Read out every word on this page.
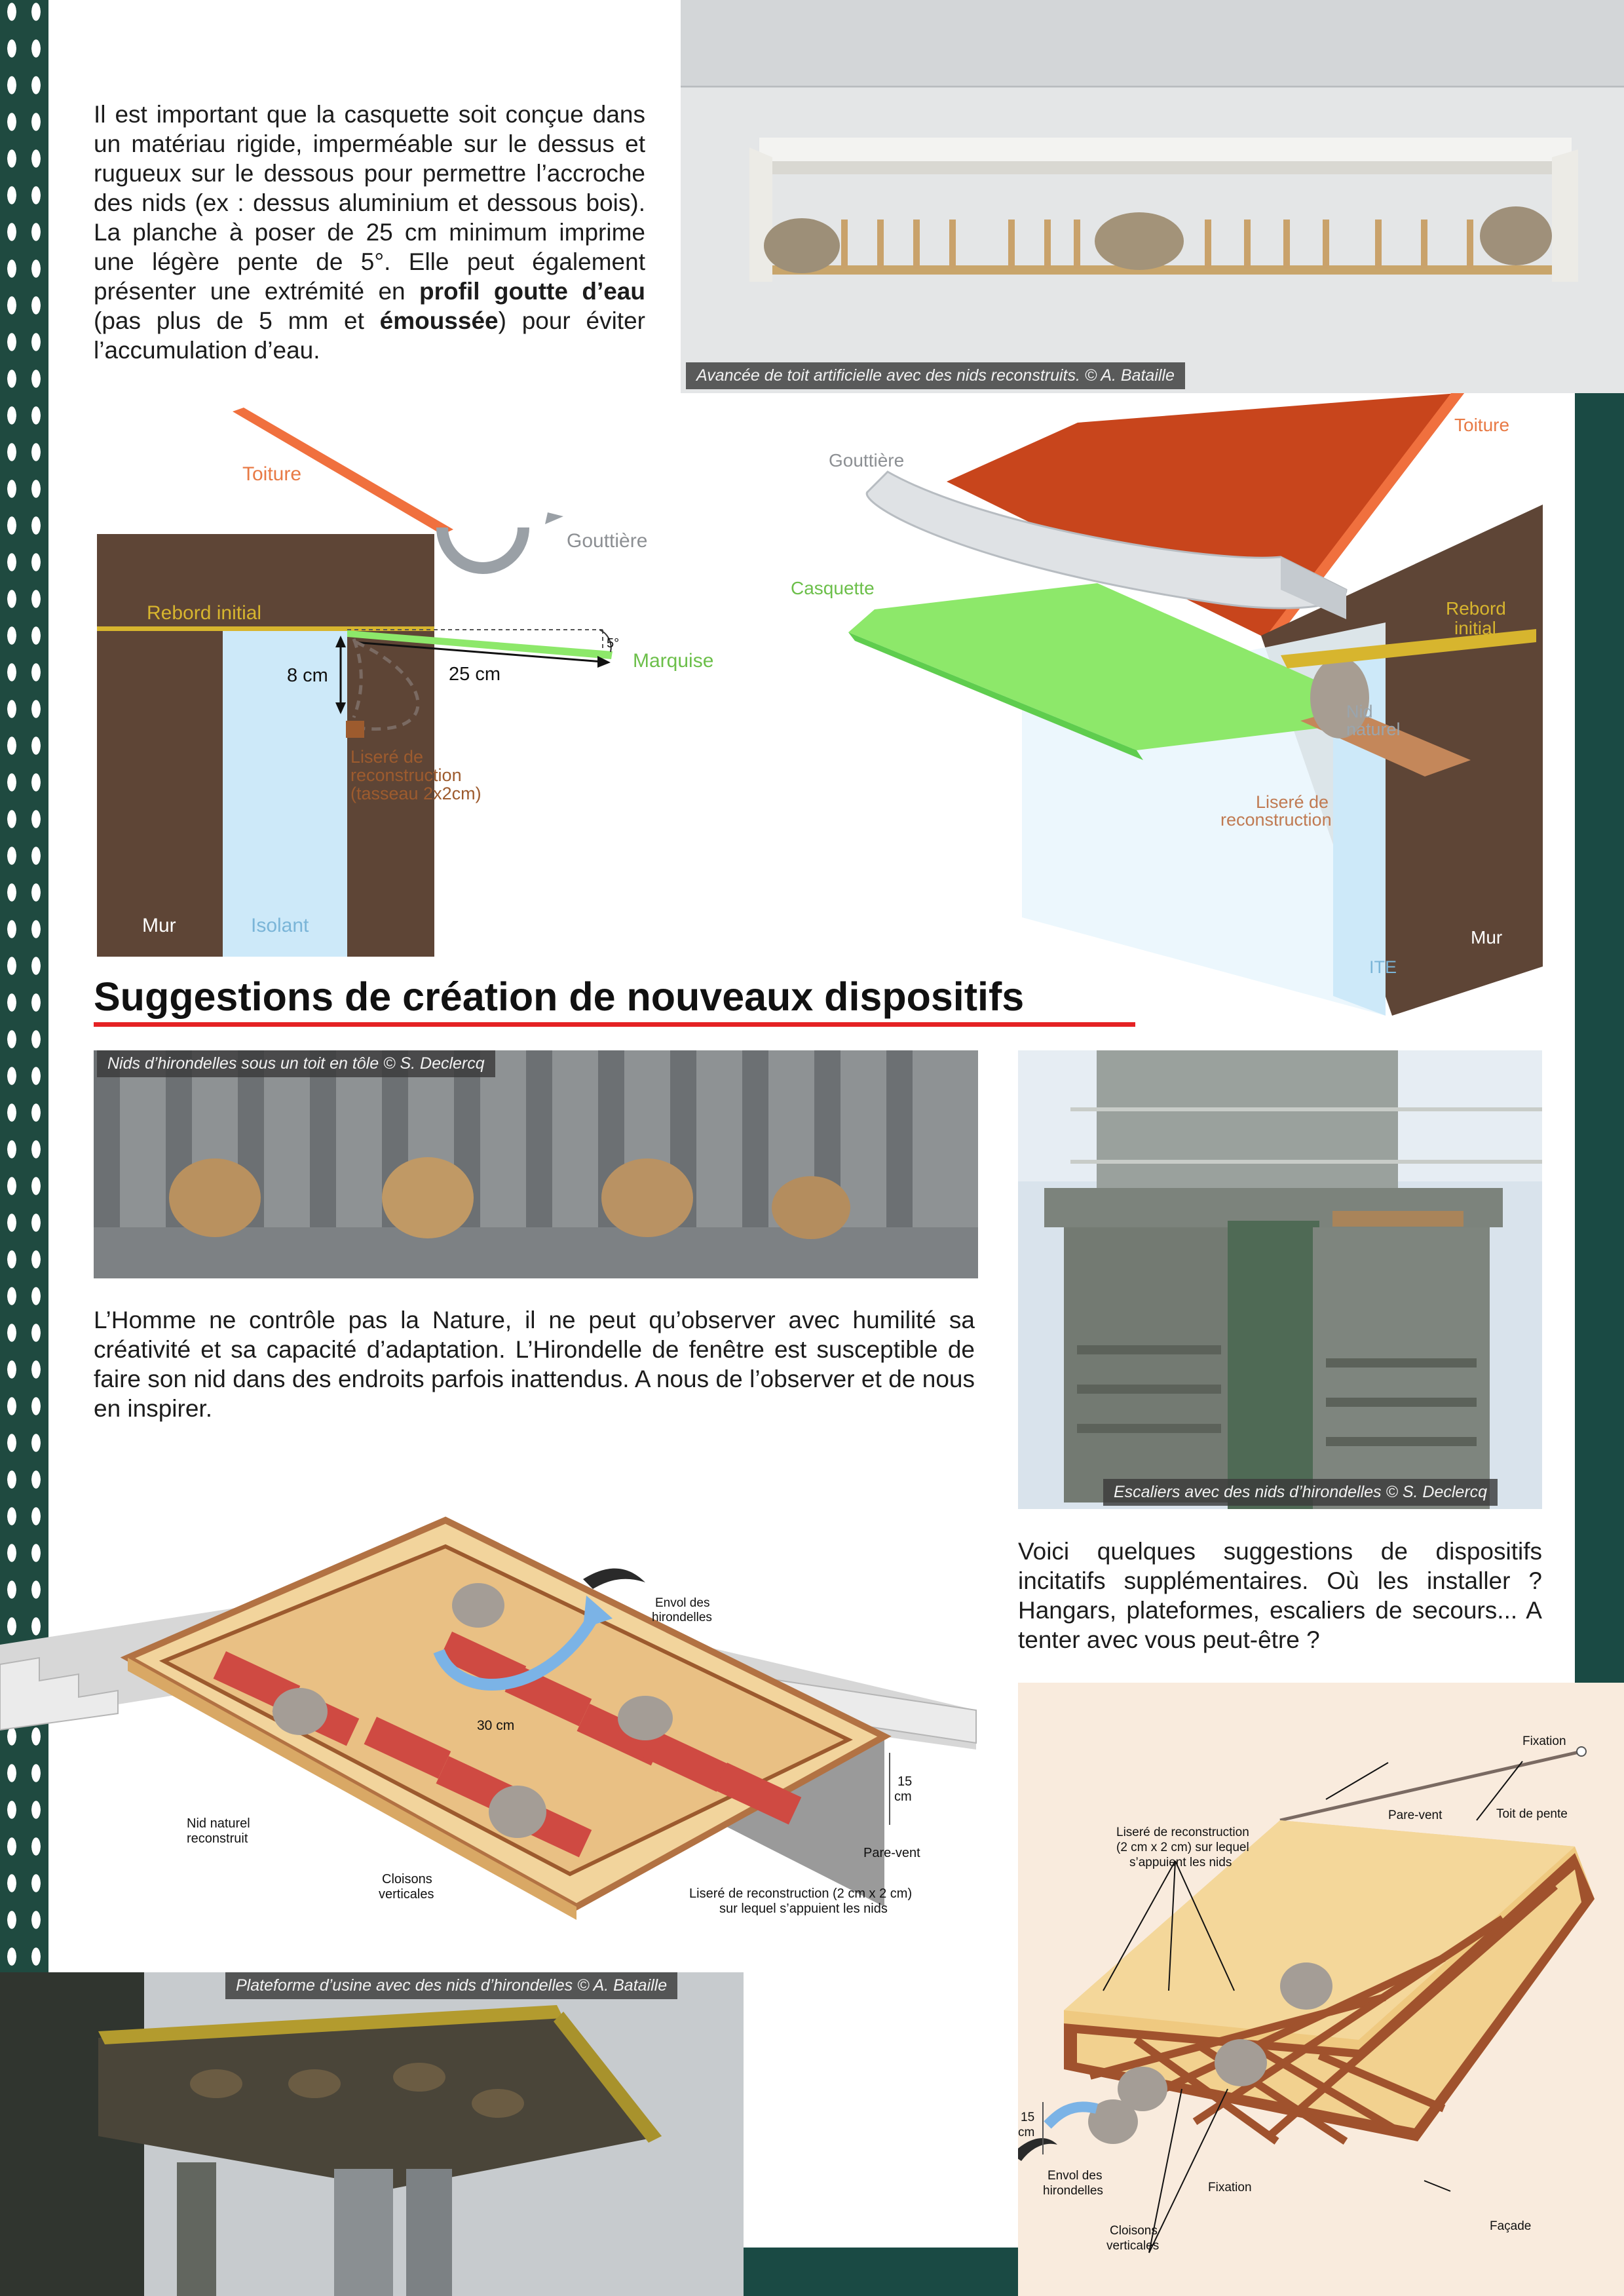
Avancée de toit artificielle avec des nids reconstruits. © A. Bataille
Il est important que la casquette soit conçue dans un matériau rigide, imperméable sur le dessus et rugueux sur le dessous pour permettre l’accroche des nids (ex : dessus aluminium et dessous bois). La planche à poser de 25 cm minimum imprime une légère pente de 5°. Elle peut également présenter une extrémité en profil goutte d’eau (pas plus de 5 mm et émoussée) pour éviter l’accumulation d’eau.
Toiture
Gouttière
Rebord initial
8 cm	25 cm
5°
Marquise
Liseré de
reconstruction
(tasseau 2x2cm)
Mur	Isolant
Gouttière
Toiture
Casquette
Rebord
initial
Nid
naturel
Liseré de
reconstruction
ITE
Mur
Suggestions de création de nouveaux dispositifs
Nids d’hirondelles sous un toit en tôle © S. Declercq
Escaliers avec des nids d’hirondelles © S. Declercq
L’Homme ne contrôle pas la Nature, il ne peut qu’observer avec humilité sa créativité et sa capacité d’adaptation. L’Hirondelle de fenêtre est susceptible de faire son nid dans des endroits parfois inattendus. A nous de l’observer et de nous en inspirer.
Voici quelques suggestions de dispositifs incitatifs supplémentaires. Où les installer ? Hangars, plateformes, escaliers de secours... A tenter avec vous peut-être ?
Envol des
hirondelles
30 cm
15
cm
Nid naturel
reconstruit
Cloisons
verticales
Pare-vent
Liseré de reconstruction (2 cm x 2 cm)
sur lequel s’appuient les nids
Plateforme d’usine avec des nids d’hirondelles © A. Bataille
Fixation
Pare-vent	Toit de pente
Liseré de reconstruction
(2 cm x 2 cm) sur lequel
s’appuient les nids
15
cm
Envol des
hirondelles	Fixation
Cloisons
verticales
Façade
